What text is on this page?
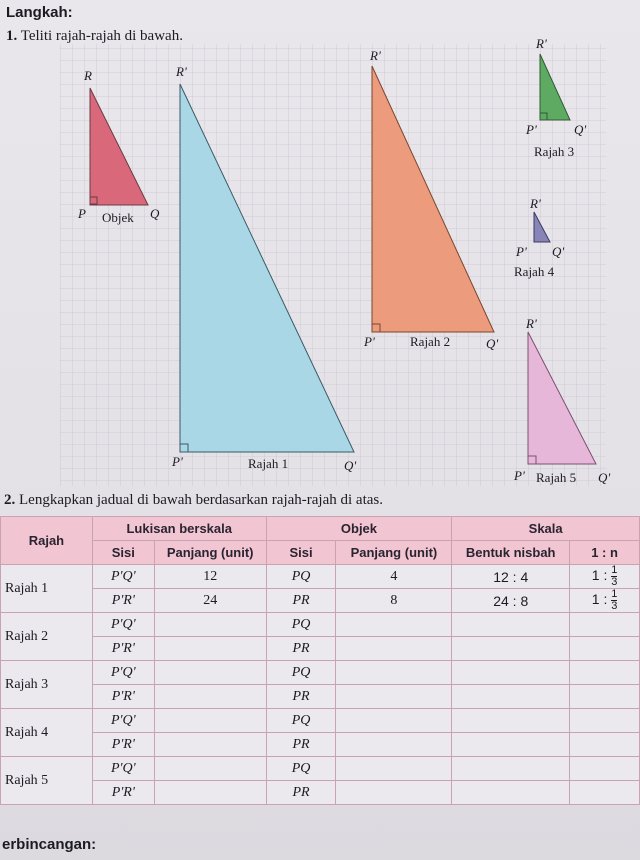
Langkah:
1. Teliti rajah-rajah di bawah.
R
P	Q
Objek
R'
P'	Q'
Rajah 1
R'
P'	Q'
Rajah 2
R'
P'	Q'
Rajah 3
R'
P' Q'
Rajah 4
R'
P'	Q'
Rajah 5
2. Lengkapkan jadual di bawah berdasarkan rajah-rajah di atas.
Rajah	Lukisan berskala		Objek		Skala	
	Sisi	Panjang (unit)	Sisi	Panjang (unit)	Bentuk nisbah	1 : n
Rajah 1	P'Q'	12	PQ	4	12 : 4	1 : $\frac{1}{3}$

	P'R'	24	PR	8	24 : 8	1 : $\frac{1}{3}$

Rajah 2	P'Q'		PQ			
	P'R'		PR			
Rajah 3	P'Q'		PQ			
	P'R'		PR			
Rajah 4	P'Q'		PQ			
	P'R'		PR			
Rajah 5	P'Q'		PQ			
	P'R'		PR			
erbincangan:
